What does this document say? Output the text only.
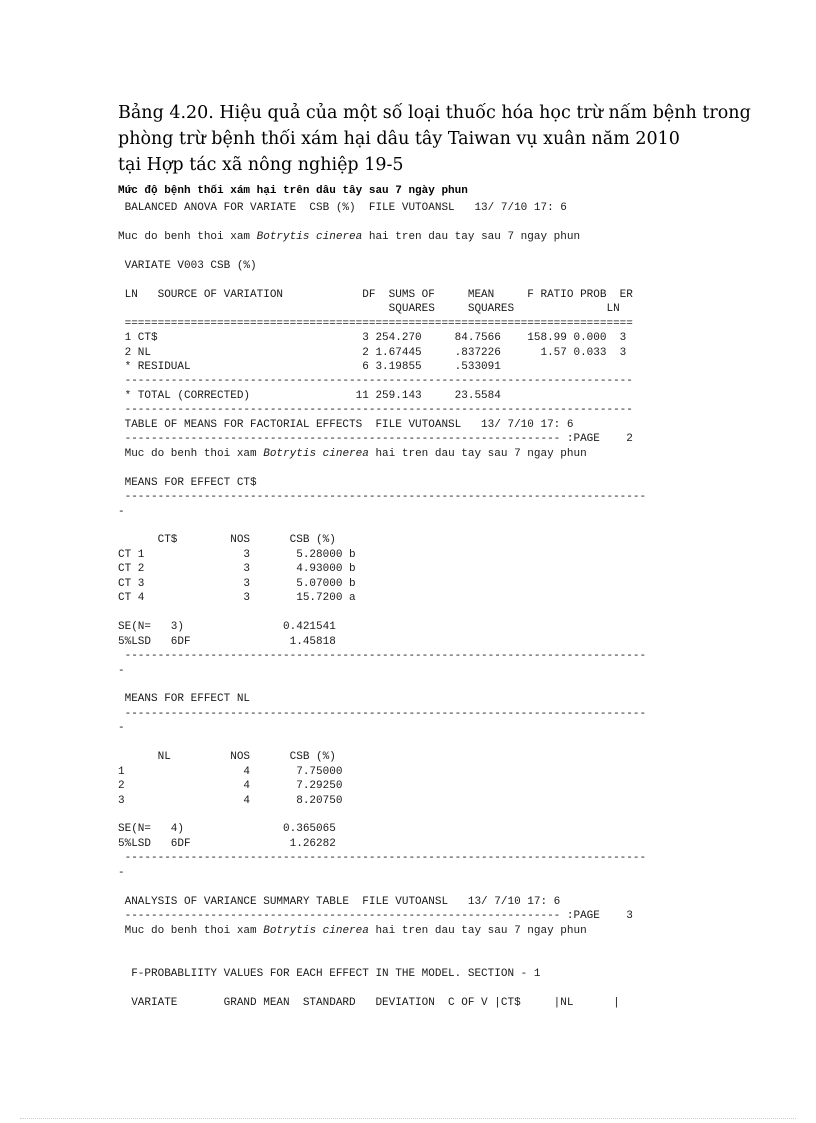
Bảng 4.20. Hiệu quả của một số loại thuốc hóa học trừ nấm bệnh trong
phòng trừ bệnh thối xám hại dâu tây Taiwan vụ xuân năm 2010
tại Hợp tác xã nông nghiệp 19-5
Mức độ bệnh thối xám hại trên dâu tây sau 7 ngày phun
BALANCED ANOVA FOR VARIATE  CSB (%)  FILE VUTOANSL   13/ 7/10 17: 6

Muc do benh thoi xam Botrytis cinerea hai tren dau tay sau 7 ngay phun

VARIATE V003 CSB (%)

LN   SOURCE OF VARIATION            DF  SUMS OF     MEAN     F RATIO PROB  ER
SQUARES     SQUARES              LN
=============================================================================
1 CT$                               3 254.270     84.7566    158.99 0.000  3
2 NL                                2 1.67445     .837226      1.57 0.033  3
* RESIDUAL                          6 3.19855     .533091
-----------------------------------------------------------------------------
* TOTAL (CORRECTED)                11 259.143     23.5584
-----------------------------------------------------------------------------
TABLE OF MEANS FOR FACTORIAL EFFECTS  FILE VUTOANSL   13/ 7/10 17: 6
------------------------------------------------------------------ :PAGE    2
Muc do benh thoi xam Botrytis cinerea hai tren dau tay sau 7 ngay phun

MEANS FOR EFFECT CT$
-------------------------------------------------------------------------------
-

CT$        NOS      CSB (%)
CT 1               3       5.28000 b
CT 2               3       4.93000 b
CT 3               3       5.07000 b
CT 4               3       15.7200 a

SE(N=   3)               0.421541
5%LSD   6DF               1.45818
-------------------------------------------------------------------------------
-

MEANS FOR EFFECT NL
-------------------------------------------------------------------------------
-

NL         NOS      CSB (%)
1                  4       7.75000
2                  4       7.29250
3                  4       8.20750

SE(N=   4)               0.365065
5%LSD   6DF               1.26282
-------------------------------------------------------------------------------
-

ANALYSIS OF VARIANCE SUMMARY TABLE  FILE VUTOANSL   13/ 7/10 17: 6
------------------------------------------------------------------ :PAGE    3
Muc do benh thoi xam Botrytis cinerea hai tren dau tay sau 7 ngay phun

F-PROBABLIITY VALUES FOR EACH EFFECT IN THE MODEL. SECTION - 1

VARIATE       GRAND MEAN  STANDARD   DEVIATION  C OF V |CT$     |NL      |
